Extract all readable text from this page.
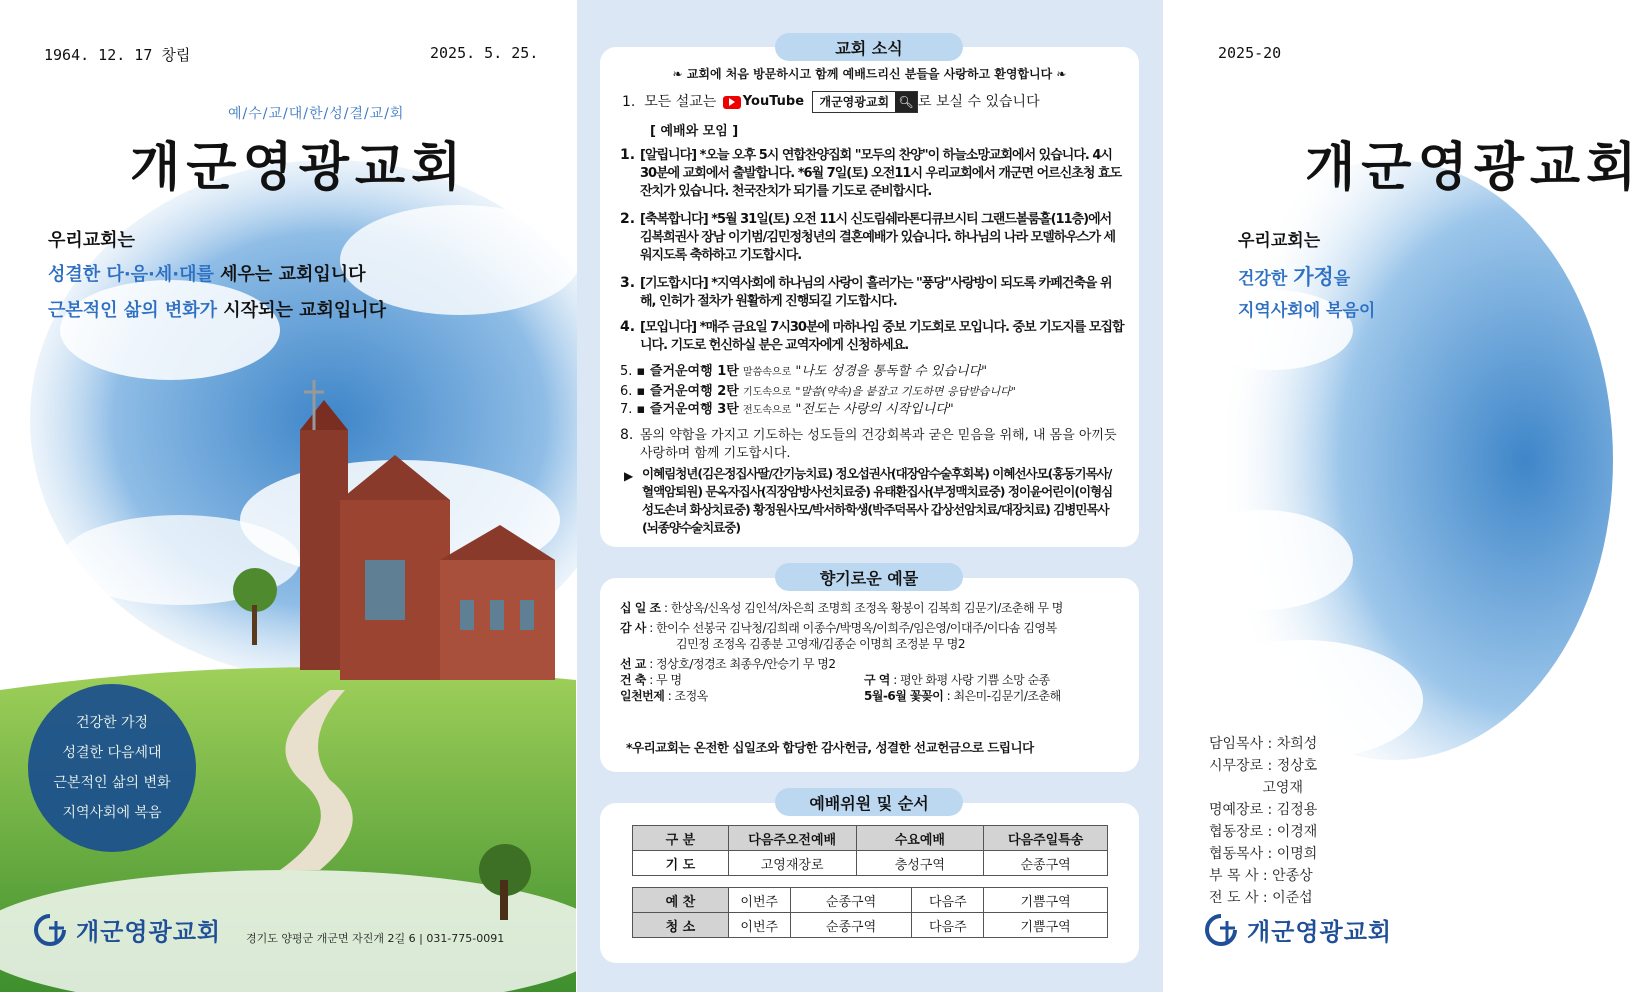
1964. 12. 17 창립	2025. 5. 25.
예/수/교/대/한/성/결/교/회
개군영광교회
우리교회는
성결한 다·음·세·대를 세우는 교회입니다
근본적인 삶의 변화가 시작되는 교회입니다
건강한 가정
성결한 다음세대
근본적인 삶의 변화
지역사회에 복음
개군영광교회 경기도 양평군 개군면 자진개 2길 6 | 031-775-0091
❧ 교회에 처음 방문하시고 함께 예배드리신 분들을 사랑하고 환영합니다 ❧
1.  모든 설교는 YouTube
	개군영광교회 🔍︎ 로 보실 수 있습니다
[ 예배와 모임 ]
1. [알립니다] *오늘 오후 5시 연합찬양집회 "모두의 찬양"이 하늘소망교회에서 있습니다. 4시 30분에 교회에서 출발합니다. *6월 7일(토) 오전11시 우리교회에서 개군면 어르신초청 효도잔치가 있습니다. 천국잔치가 되기를 기도로 준비합시다.
2. [축복합니다] *5월 31일(토) 오전 11시 신도림쉐라톤디큐브시티 그랜드볼룸홀(11층)에서 김복희권사 장남 이기범/김민정청년의 결혼예배가 있습니다. 하나님의 나라 모델하우스가 세워지도록 축하하고 기도합시다.
3. [기도합시다] *지역사회에 하나님의 사랑이 흘러가는 "풍당"사랑방이 되도록 카페건축을 위해, 인허가 절차가 원활하게 진행되길 기도합시다.
4. [모입니다] *매주 금요일 7시30분에 마하나임 중보 기도회로 모입니다. 중보 기도지를 모집합니다. 기도로 헌신하실 분은 교역자에게 신청하세요.
5. ▪ 즐거운여행 1탄 말씀속으로 "나도 성경을 통독할 수 있습니다"
6. ▪ 즐거운여행 2탄 기도속으로 "말씀(약속)을 붙잡고 기도하면 응답받습니다"
7. ▪ 즐거운여행 3탄 전도속으로 "전도는 사랑의 시작입니다"
8. 몸의 약함을 가지고 기도하는 성도들의 건강회복과 굳은 믿음을 위해, 내 몸을 아끼듯 사랑하며 함께 기도합시다.
▶ 이혜림청년(김은정집사딸/간기능치료) 정오섭권사(대장암수술후회복) 이혜선사모(홍동기목사/혈액암퇴원) 문옥자집사(직장암방사선치료중) 유태환집사(부정맥치료중) 정이윤어린이(이형심성도손녀 화상치료중) 황정원사모/박서하학생(박주덕목사 갑상선암치료/대장치료) 김병민목사(뇌종양수술치료중)
교회 소식
십 일 조 : 한상옥/신옥성 김인석/차은희 조명희 조정옥 황봉이 김복희 김문기/조춘해 무 명
감 사 : 한이수 선봉국 김낙청/김희래 이종수/박명옥/이희주/임은영/이대주/이다솜 김영복
김민정 조정옥 김종분 고영재/김종순 이명희 조정분 무 명2
선 교 : 정상호/정경조 최종우/안승기 무 명2
건 축 : 무 명	구 역 : 평안 화평 사랑 기쁨 소망 순종
일천번제 : 조정옥	5월-6월 꽃꽂이 : 최은미-김문기/조춘해
*우리교회는 온전한 십일조와 합당한 감사헌금, 성결한 선교헌금으로 드립니다
향기로운 예물
구 분	다음주오전예배	수요예배	다음주일특송
기 도	고영재장로	충성구역	순종구역
예 찬	이번주	순종구역	다음주	기쁨구역
청 소	이번주	순종구역	다음주	기쁨구역
예배위원 및 순서
2025-20
개군영광교회
우리교회는
건강한 가정을
지역사회에 복음이
담임목사 : 차희성
시무장로 : 정상호
고영재
명예장로 : 김정용
협동장로 : 이경재
협동목사 : 이명희
부 목 사 : 안종상
전 도 사 : 이준섭
개군영광교회
